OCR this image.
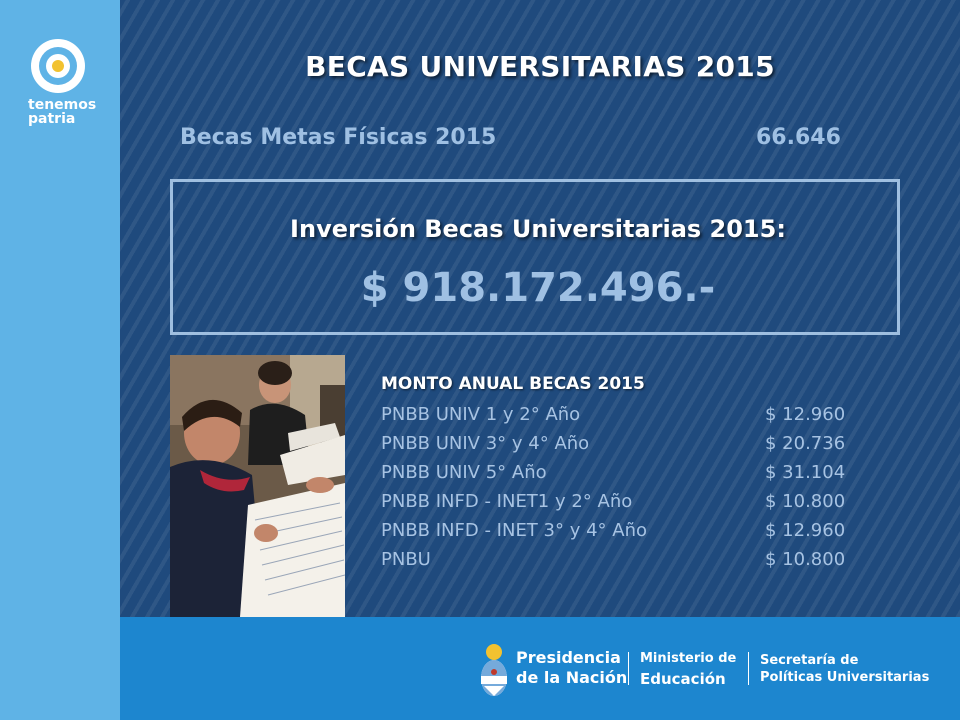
tenemos
patria
BECAS UNIVERSITARIAS 2015
Becas Metas Físicas 2015	66.646
Inversión Becas Universitarias 2015:
$ 918.172.496.-
MONTO ANUAL BECAS 2015
PNBB UNIV 1 y 2° Año	$ 12.960
PNBB UNIV 3° y 4° Año	$ 20.736
PNBB UNIV 5° Año	$ 31.104
PNBB INFD - INET1 y 2° Año	$ 10.800
PNBB INFD - INET 3° y 4° Año	$ 12.960
PNBU	$ 10.800
Presidencia
de la Nación
Ministerio de
Educación
Secretaría de
Políticas Universitarias
